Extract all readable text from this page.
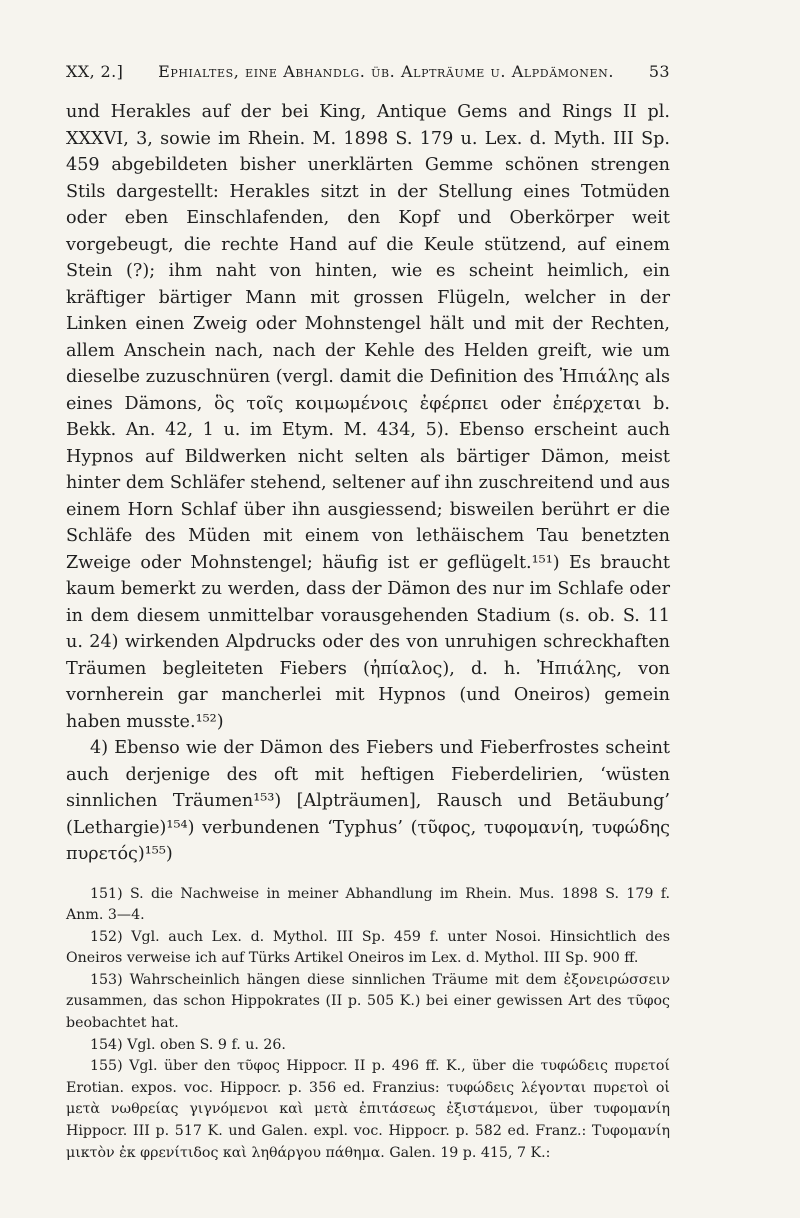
XX, 2.] Ephialtes, eine Abhandlg. üb. Alpträume u. Alpdämonen. 53

und Herakles auf der bei King, Antique Gems and Rings II pl. XXXVI, 3, sowie im Rhein. M. 1898 S. 179 u. Lex. d. Myth. III Sp. 459 abgebildeten bisher unerklärten Gemme schönen strengen Stils dargestellt: Herakles sitzt in der Stellung eines Totmüden oder eben Einschlafenden, den Kopf und Oberkörper weit vorgebeugt, die rechte Hand auf die Keule stützend, auf einem Stein (?); ihm naht von hinten, wie es scheint heimlich, ein kräftiger bärtiger Mann mit grossen Flügeln, welcher in der Linken einen Zweig oder Mohnstengel hält und mit der Rechten, allem Anschein nach, nach der Kehle des Helden greift, wie um dieselbe zuzuschnüren (vergl. damit die Definition des Ἠπιάλης als eines Dämons, ὃς τοῖς κοιμωμένοις ἐφέρπει oder ἐπέρχεται b. Bekk. An. 42, 1 u. im Etym. M. 434, 5). Ebenso erscheint auch Hypnos auf Bildwerken nicht selten als bärtiger Dämon, meist hinter dem Schläfer stehend, seltener auf ihn zuschreitend und aus einem Horn Schlaf über ihn ausgiessend; bisweilen berührt er die Schläfe des Müden mit einem von lethäischem Tau benetzten Zweige oder Mohnstengel; häufig ist er geflügelt.¹⁵¹) Es braucht kaum bemerkt zu werden, dass der Dämon des nur im Schlafe oder in dem diesem unmittelbar vorausgehenden Stadium (s. ob. S. 11 u. 24) wirkenden Alpdrucks oder des von unruhigen schreckhaften Träumen begleiteten Fiebers (ἠπίαλος), d. h. Ἠπιάλης, von vornherein gar mancherlei mit Hypnos (und Oneiros) gemein haben musste.¹⁵²)

4) Ebenso wie der Dämon des Fiebers und Fieberfrostes scheint auch derjenige des oft mit heftigen Fieberdelirien, ‘wüsten sinnlichen Träumen¹⁵³) [Alpträumen], Rausch und Betäubung’ (Lethargie)¹⁵⁴) verbundenen ‘Typhus’ (τῦφος, τυφομανίη, τυφώδης πυρετός)¹⁵⁵)

151) S. die Nachweise in meiner Abhandlung im Rhein. Mus. 1898 S. 179 f. Anm. 3—4.

152) Vgl. auch Lex. d. Mythol. III Sp. 459 f. unter Nosoi. Hinsichtlich des Oneiros verweise ich auf Türks Artikel Oneiros im Lex. d. Mythol. III Sp. 900 ff.

153) Wahrscheinlich hängen diese sinnlichen Träume mit dem ἐξονειρώσσειν zusammen, das schon Hippokrates (II p. 505 K.) bei einer gewissen Art des τῦφος beobachtet hat.

154) Vgl. oben S. 9 f. u. 26.

155) Vgl. über den τῦφος Hippocr. II p. 496 ff. K., über die τυφώδεις πυρετοί Erotian. expos. voc. Hippocr. p. 356 ed. Franzius: τυφώδεις λέγονται πυρετοὶ οἱ μετὰ νωθρείας γιγνόμενοι καὶ μετὰ ἐπιτάσεως ἐξιστάμενοι, über τυφομανίη Hippocr. III p. 517 K. und Galen. expl. voc. Hippocr. p. 582 ed. Franz.: Τυφομανίη μικτὸν ἐκ φρενίτιδος καὶ ληθάργου πάθημα. Galen. 19 p. 415, 7 K.:
